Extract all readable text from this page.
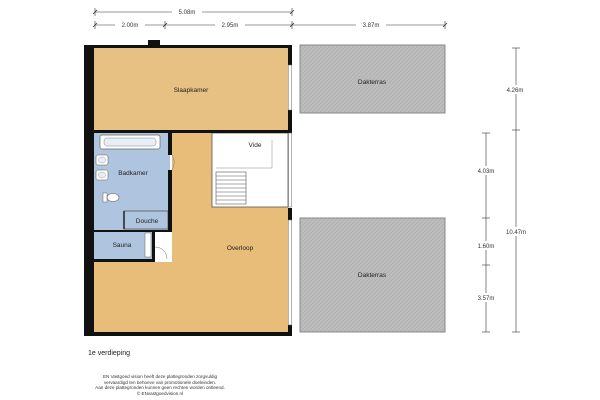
Slaapkamer
Badkamer
Douche
Sauna	Overloop
Vide
Dakterras
Dakterras
5.08m
2.00m	2.95m	3.87m
4.26m
10.47m
4.03m
1.60m
3.57m
1e verdieping
EN Vastgoed vision heeft deze plattegronden zorgvuldig
vervaardigd ten behoeve van promotionele doeleinden.
Aan deze plattegronden kunnen geen rechten worden ontleend.
© ENvastgoedvision.nl
